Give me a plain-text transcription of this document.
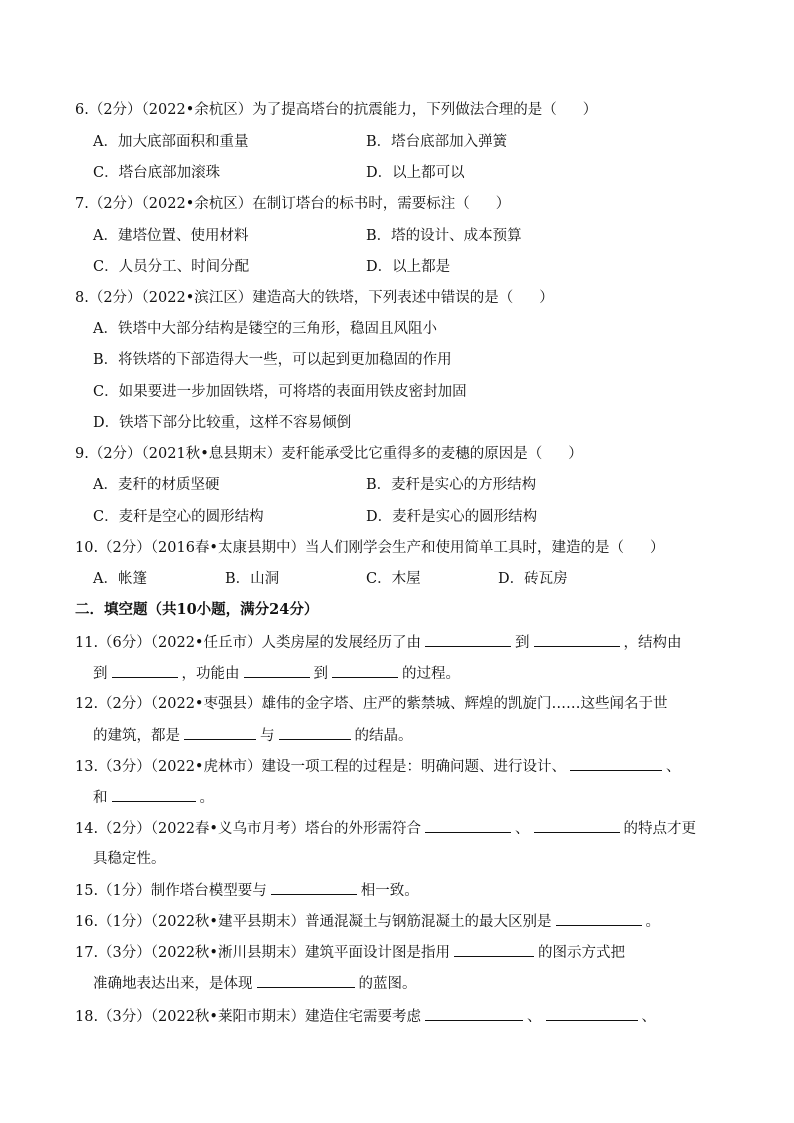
6.（2分）（2022•余杭区）为了提高塔台的抗震能力，下列做法合理的是（ ）
A．加大底部面积和重量	B．塔台底部加入弹簧
C．塔台底部加滚珠	D．以上都可以
7.（2分）（2022•余杭区）在制订塔台的标书时，需要标注（ ）
A．建塔位置、使用材料	B．塔的设计、成本预算
C．人员分工、时间分配	D．以上都是
8.（2分）（2022•滨江区）建造高大的铁塔，下列表述中错误的是（ ）
A．铁塔中大部分结构是镂空的三角形，稳固且风阻小
B．将铁塔的下部造得大一些，可以起到更加稳固的作用
C．如果要进一步加固铁塔，可将塔的表面用铁皮密封加固
D．铁塔下部分比较重，这样不容易倾倒
9.（2分）（2021秋•息县期末）麦秆能承受比它重得多的麦穗的原因是（ ）
A．麦秆的材质坚硬	B．麦秆是实心的方形结构
C．麦秆是空心的圆形结构	D．麦秆是实心的圆形结构
10.（2分）（2016春•太康县期中）当人们刚学会生产和使用简单工具时，建造的是（ ）
A．帐篷	B．山洞	C．木屋	D．砖瓦房
二．填空题（共10小题，满分24分）
11.（6分）（2022•任丘市）人类房屋的发展经历了由	到	，结构由
到	，功能由	到	的过程。
12.（2分）（2022•枣强县）雄伟的金字塔、庄严的紫禁城、辉煌的凯旋门……这些闻名于世
的建筑，都是	与	的结晶。
13.（3分）（2022•虎林市）建设一项工程的过程是：明确问题、进行设计、	、
和	。
14.（2分）（2022春•义乌市月考）塔台的外形需符合	、	的特点才更
具稳定性。
15.（1分）制作塔台模型要与	相一致。
16.（1分）（2022秋•建平县期末）普通混凝土与钢筋混凝土的最大区别是	。
17.（3分）（2022秋•淅川县期末）建筑平面设计图是指用	的图示方式把
准确地表达出来，是体现	的蓝图。
18.（3分）（2022秋•莱阳市期末）建造住宅需要考虑	、	、
